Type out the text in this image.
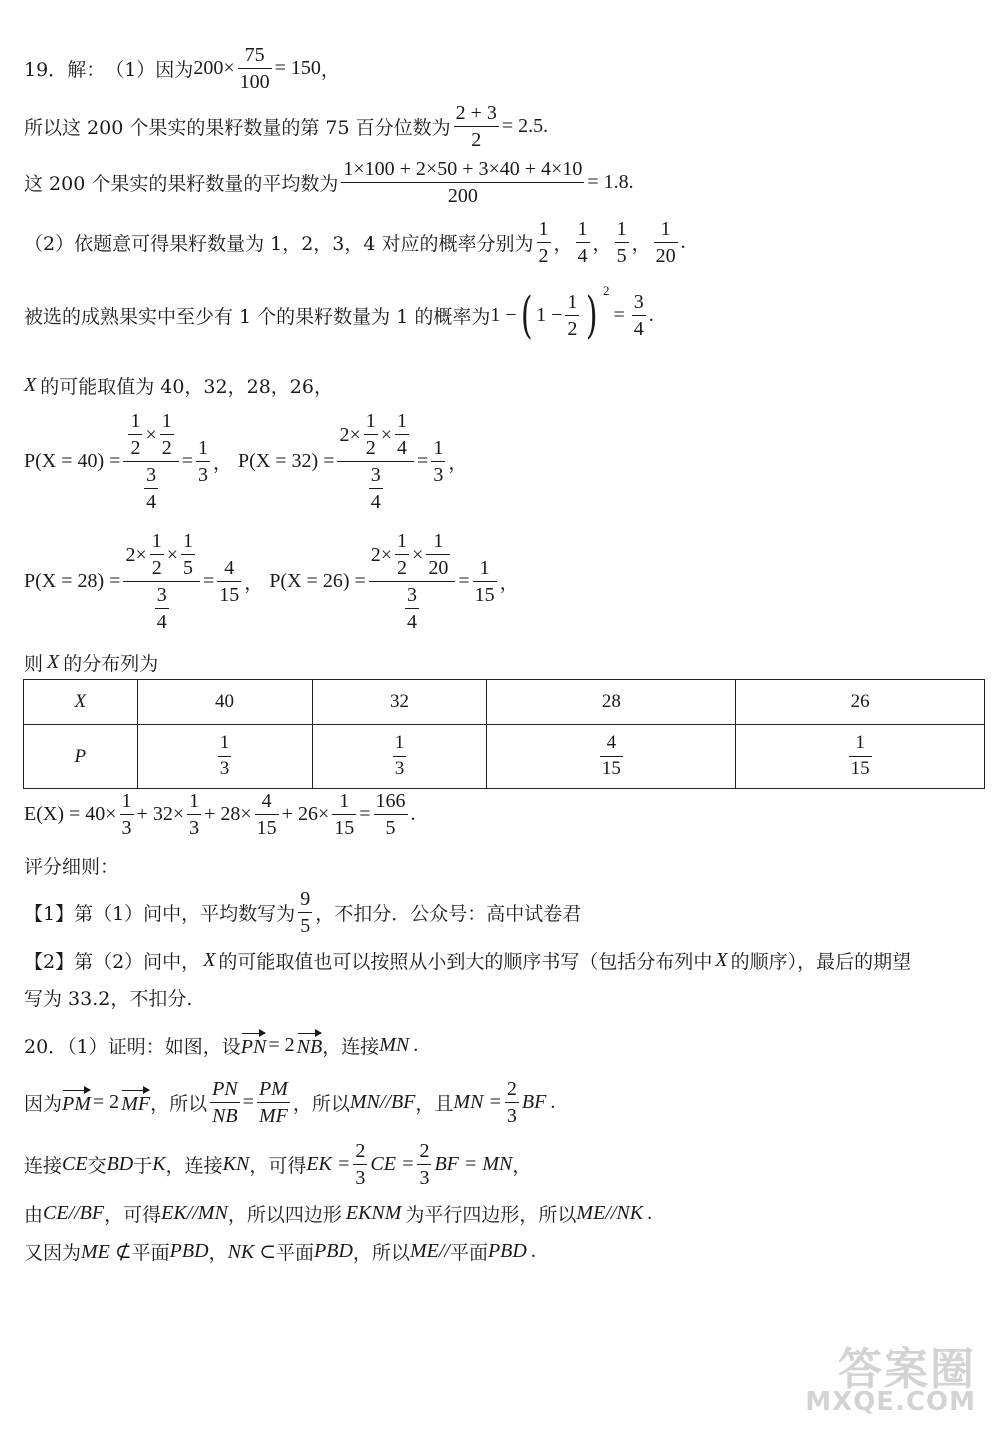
19． 解： （1） 因为 $200\times \frac{75}{100} = 150$ ，
所以这 200 个果实的果籽数量的第 75 百分位数为 $\frac{2 + 3}{2} = 2.5$ .
这 200 个果实的果籽数量的平均数为 $\frac{1\times 100 + 2\times 50 + 3\times 40 + 4\times 10}{200} = 1.8$ .
（2）依题意可得果籽数量为 1，2，3，4 对应的概率分别为 $\frac{1}{2}$ ， $\frac{1}{4}$ ， $\frac{1}{5}$ ， $\frac{1}{20}$ .
被选的成熟果实中至少有 1 个的果籽数量为 1 的概率为 1 − ( $1 - \frac{1}{2}$ ) 2
= $\frac{3}{4}$ .
X 的可能取值为 40，32，28，26，
$P(X = 40) = \frac{\frac{1}{2} \times \frac{1}{2}}{\frac{3}{4}} = \frac{1}{3}$ ， $P(X = 32) = \frac{2\times \frac{1}{2} \times \frac{1}{4}}{\frac{3}{4}} = \frac{1}{3}$ ，
$P(X = 28) = \frac{2\times \frac{1}{2} \times \frac{1}{5}}{\frac{3}{4}} = \frac{4}{15}$ ， $P(X = 26) = \frac{2\times \frac{1}{2} \times \frac{1}{20}}{\frac{3}{4}} = \frac{1}{15}$ ，
则 X 的分布列为
X	40	32	28	26
P	$\frac{1}{3}$	$\frac{1}{3}$	$\frac{4}{15}$	$\frac{1}{15}$
$E(X) = 40\times \frac{1}{3} + 32\times \frac{1}{3} + 28\times \frac{4}{15} + 26\times \frac{1}{15} = \frac{166}{5}$ .
评分细则：
【1】第（1）问中，平均数写为 $\frac{9}{5}$ ，不扣分．公众号：高中试卷君
【2】第（2）问中， X 的可能取值也可以按照从小到大的顺序书写（包括分布列中 X 的顺序），最后的期望
写为 33.2，不扣分.
20．（1）证明：如图，设 PN = 2 NB ，连接 MN .
因为 PM = 2 MF ，所以 $\frac{PN}{NB} = \frac{PM}{MF}$ ，所以 MN//BF ，且 MN = $\frac{2}{3}$ BF .
连接 CE 交 BD 于 K ，连接 KN ，可得 EK = $\frac{2}{3}$ CE = $\frac{2}{3}$ BF = MN ，
由 CE//BF ，可得 EK//MN ，所以四边形 EKNM 为平行四边形，所以 ME//NK .
又因为 ME ⊄ 平面 PBD ， NK ⊂ 平面 PBD ，所以 ME// 平面 PBD .
答案圈
MXQE.COM
